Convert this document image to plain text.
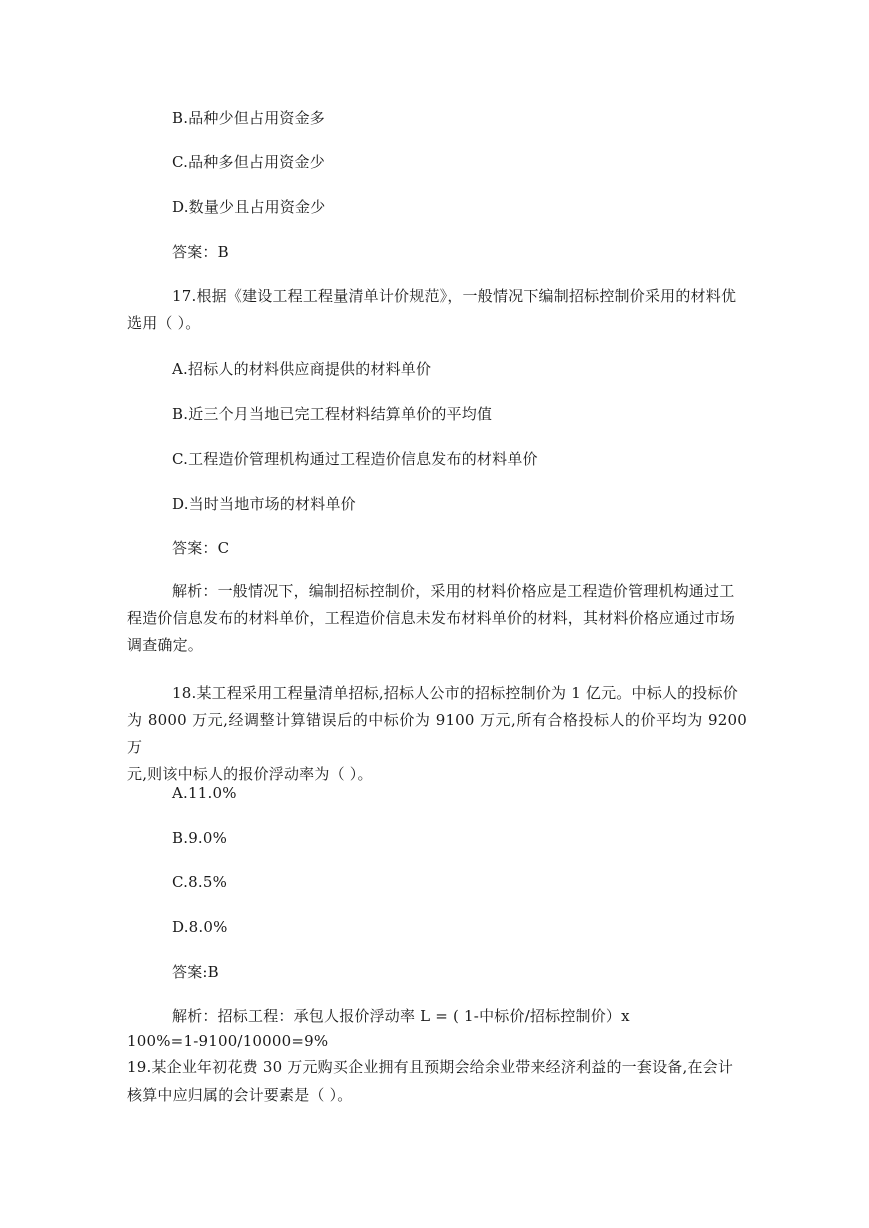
B.品种少但占用资金多
C.品种多但占用资金少
D.数量少且占用资金少
答案：B
17.根据《建设工程工程量清单计价规范》，一般情况下编制招标控制价采用的材料优
选用（ ）。
A.招标人的材料供应商提供的材料单价
B.近三个月当地已完工程材料结算单价的平均值
C.工程造价管理机构通过工程造价信息发布的材料单价
D.当时当地市场的材料单价
答案：C
解析：一般情况下，编制招标控制价，采用的材料价格应是工程造价管理机构通过工
程造价信息发布的材料单价，工程造价信息未发布材料单价的材料，其材料价格应通过市场
调查确定。
18.某工程采用工程量清单招标,招标人公市的招标控制价为 1 亿元。中标人的投标价
为 8000 万元,经调整计算错误后的中标价为 9100 万元,所有合格投标人的价平均为 9200 万
元,则该中标人的报价浮动率为（ ）。
A.11.0%
B.9.0%
C.8.5%
D.8.0%
答案:B
解析：招标工程：承包人报价浮动率 L = ( 1-中标价/招标控制价）x
100%=1-9100/10000=9%
19.某企业年初花费 30 万元购买企业拥有且预期会给余业带来经济利益的一套设备,在会计
核算中应归属的会计要素是（ ）。
